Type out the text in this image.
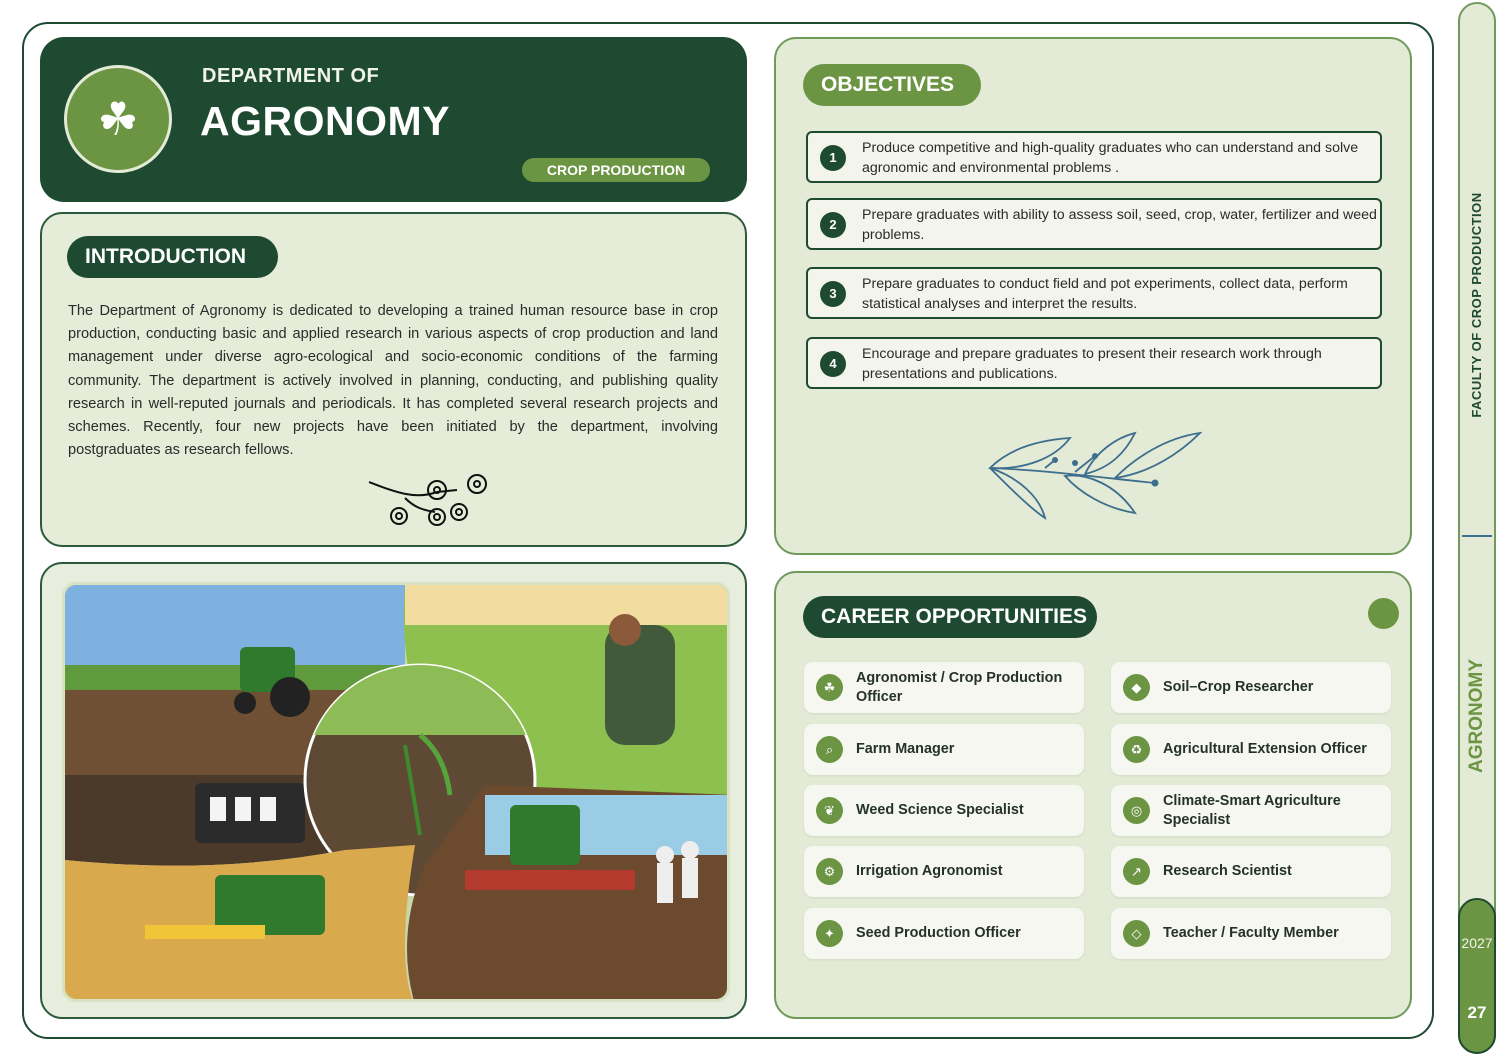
☘
DEPARTMENT OF
AGRONOMY
CROP PRODUCTION
INTRODUCTION

The Department of Agronomy is dedicated to developing a trained human resource base in crop production, conducting basic and applied research in various aspects of crop production and land management under diverse agro-ecological and socio-economic conditions of the farming community. The department is actively involved in planning, conducting, and publishing quality research in well-reputed journals and periodicals. It has completed several research projects and schemes. Recently, four new projects have been initiated by the department, involving postgraduates as research fellows.

OBJECTIVES
1
Produce competitive and high-quality graduates who can understand and solve agronomic and environmental problems .
2
Prepare graduates with ability to assess soil, seed, crop, water, fertilizer and weed problems.
3
Prepare graduates to conduct field and pot experiments, collect data, perform statistical analyses and interpret the results.
4
Encourage and prepare graduates to present their research work through presentations and publications.
CAREER OPPORTUNITIES
☘
Agronomist / Crop Production Officer
◆	Soil–Crop Researcher
⌕	Farm Manager	♻	Agricultural Extension Officer
❦	Weed Science Specialist	◎
Climate-Smart Agriculture Specialist
⚙	Irrigation Agronomist	↗	Research Scientist
✦	Seed Production Officer	◇	Teacher / Faculty Member
FACULTY OF CROP PRODUCTION
AGRONOMY
2027
27
